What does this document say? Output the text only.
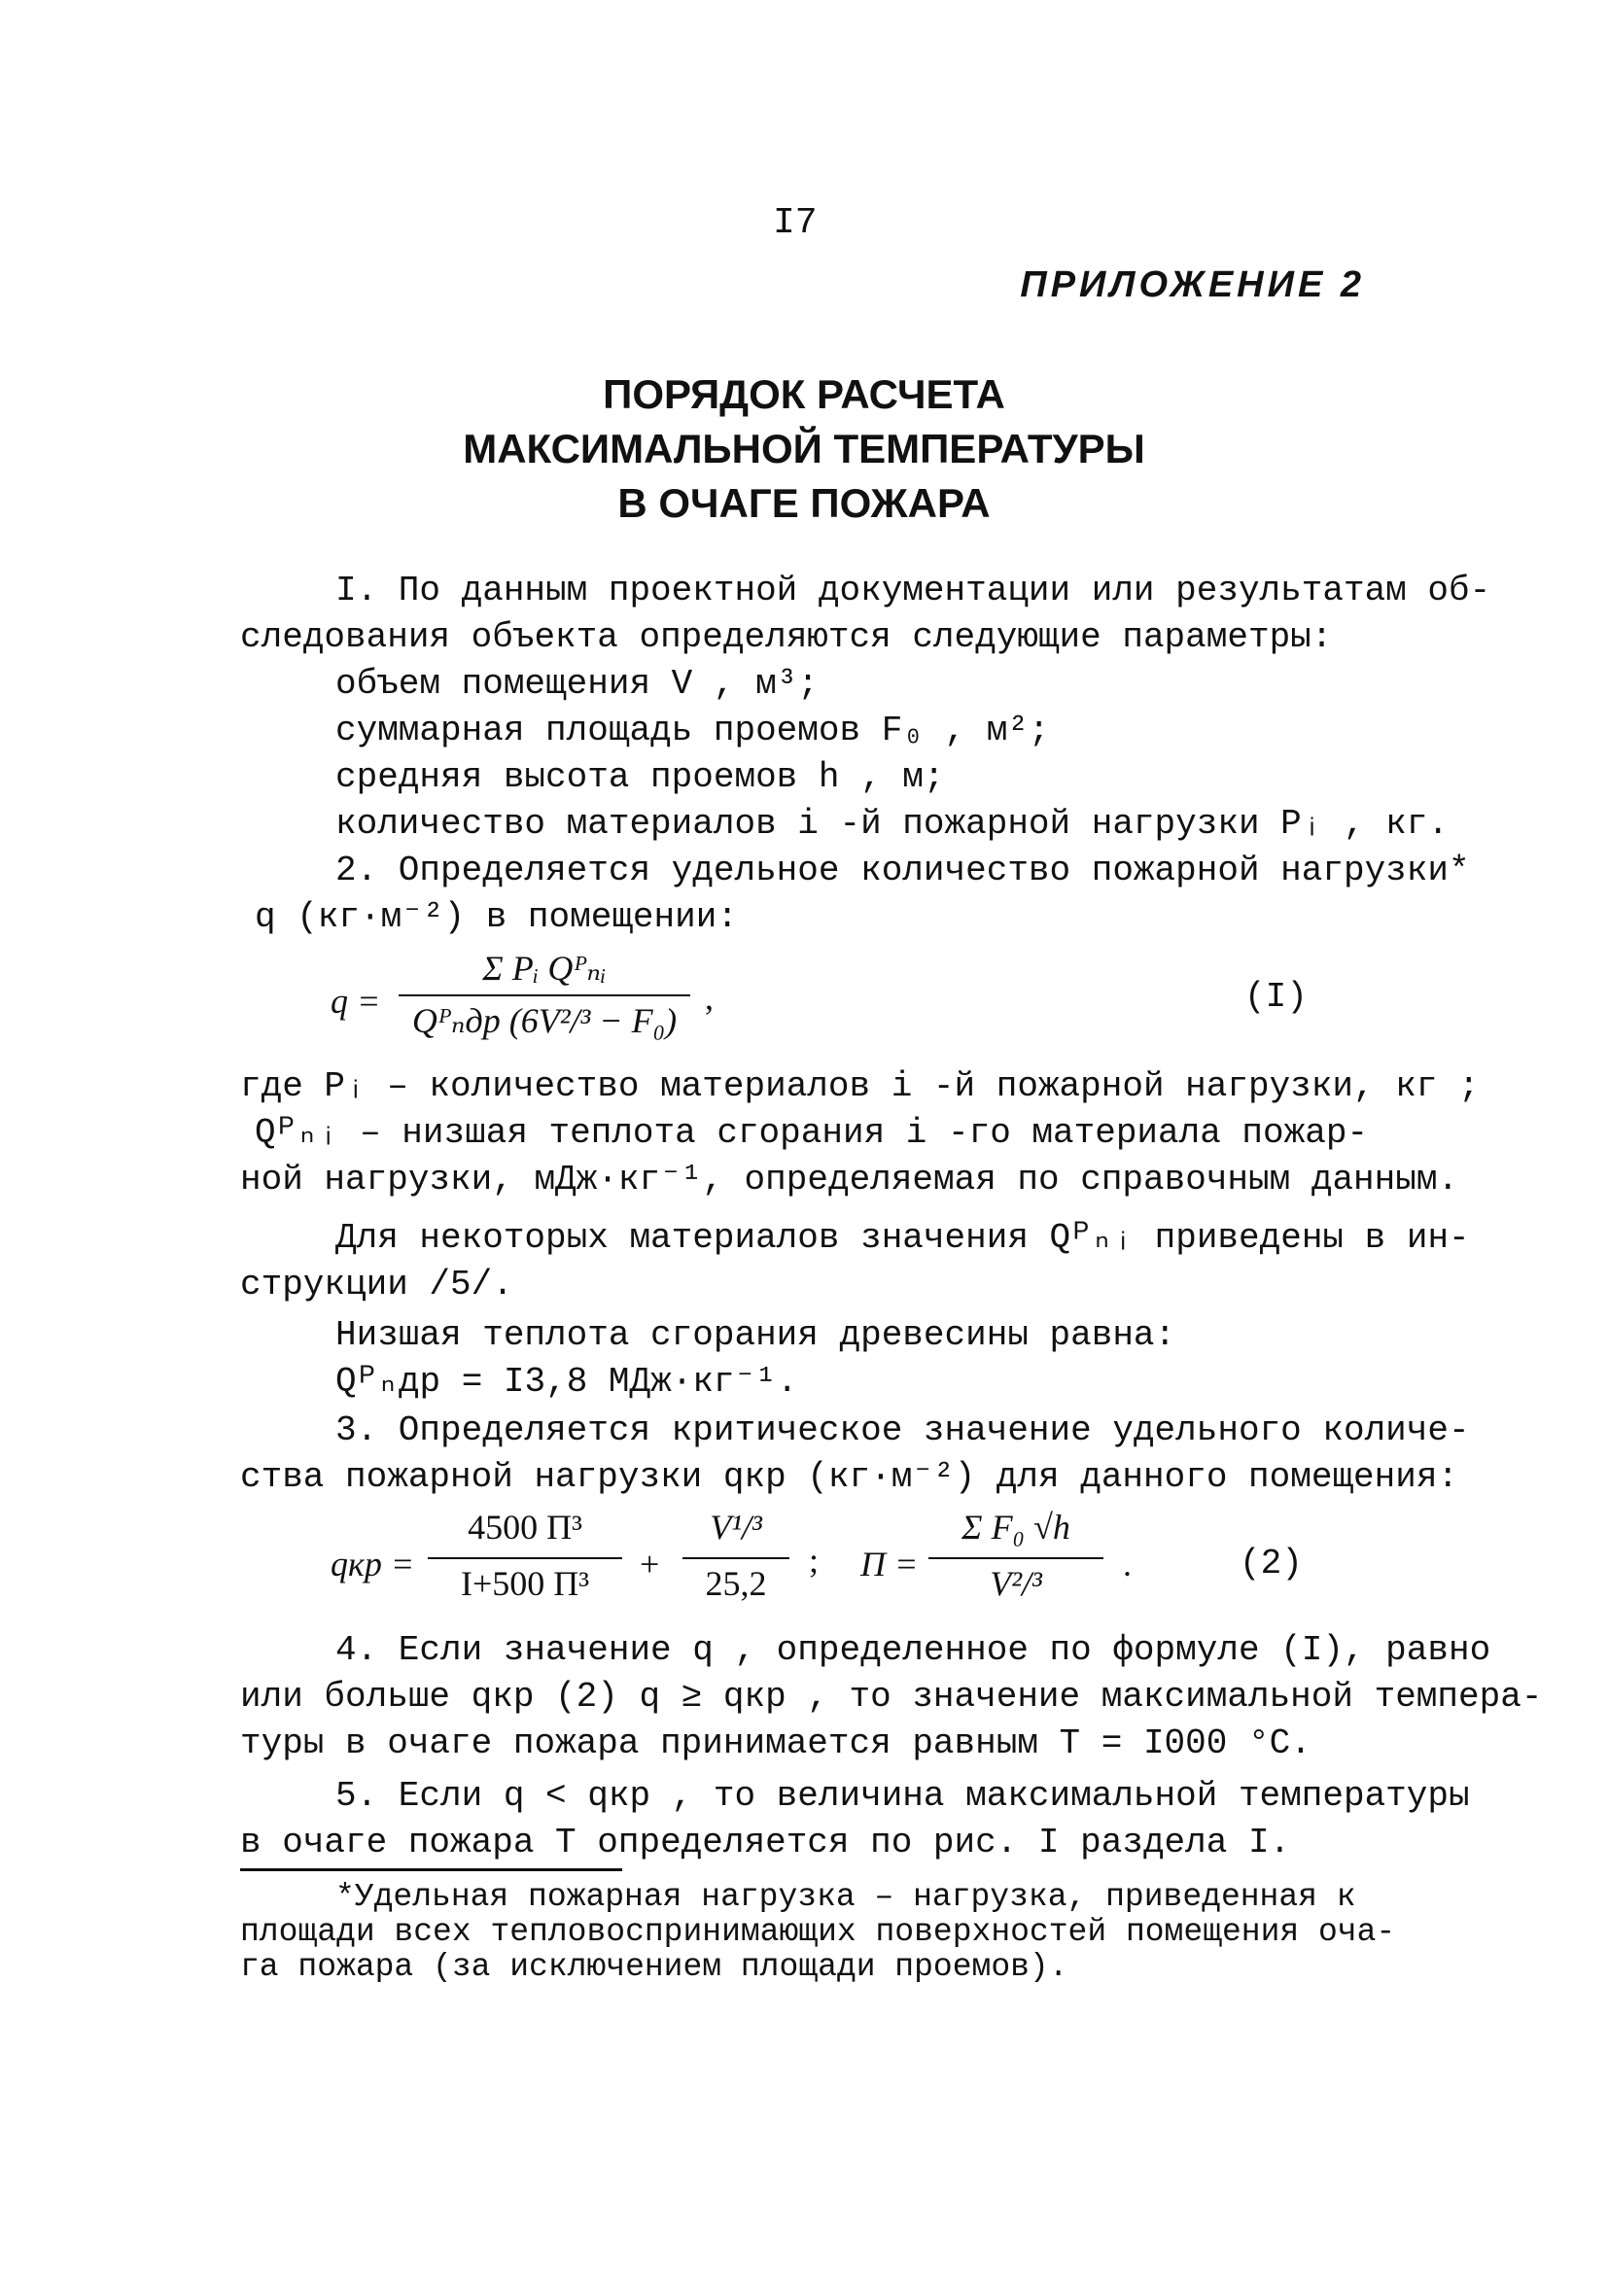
I7
ПРИЛОЖЕНИЕ 2
ПОРЯДОК РАСЧЕТА
МАКСИМАЛЬНОЙ ТЕМПЕРАТУРЫ
В ОЧАГЕ ПОЖАРА
I. По данным проектной документации или результатам об-
следования объекта определяются следующие параметры:
объем помещения V , м³;
суммарная площадь проемов F₀ , м²;
средняя высота проемов h , м;
количество материалов i -й пожарной нагрузки Pᵢ , кг.
2. Определяется удельное количество пожарной нагрузки*
q (кг·м⁻²) в помещении:
q =
Σ Pᵢ Qᴾₙᵢ
Qᴾₙдр (6V²/³ − F₀)
,	(I)
где Pᵢ – количество материалов i -й пожарной нагрузки, кг ;
Qᴾₙᵢ – низшая теплота сгорания i -го материала пожар-
ной нагрузки, мДж·кг⁻¹, определяемая по справочным данным.
Для некоторых материалов значения Qᴾₙᵢ приведены в ин-
струкции /5/.
Низшая теплота сгорания древесины равна:
Qᴾₙдр = I3,8 МДж·кг⁻¹.
3. Определяется критическое значение удельного количе-
ства пожарной нагрузки qкр (кг·м⁻²) для данного помещения:
qкр =
4500 П³
I+500 П³	+
V¹/³
25,2
; П =
Σ F₀ √h
V²/³	.	(2)
4. Если значение q , определенное по формуле (I), равно
или больше qкр (2) q ≥ qкр , то значение максимальной темпера-
туры в очаге пожара принимается равным T = I000 °C.
5. Если q < qкр , то величина максимальной температуры
в очаге пожара T определяется по рис. I раздела I.
*Удельная пожарная нагрузка – нагрузка, приведенная к
площади всех тепловоспринимающих поверхностей помещения оча-
га пожара (за исключением площади проемов).
